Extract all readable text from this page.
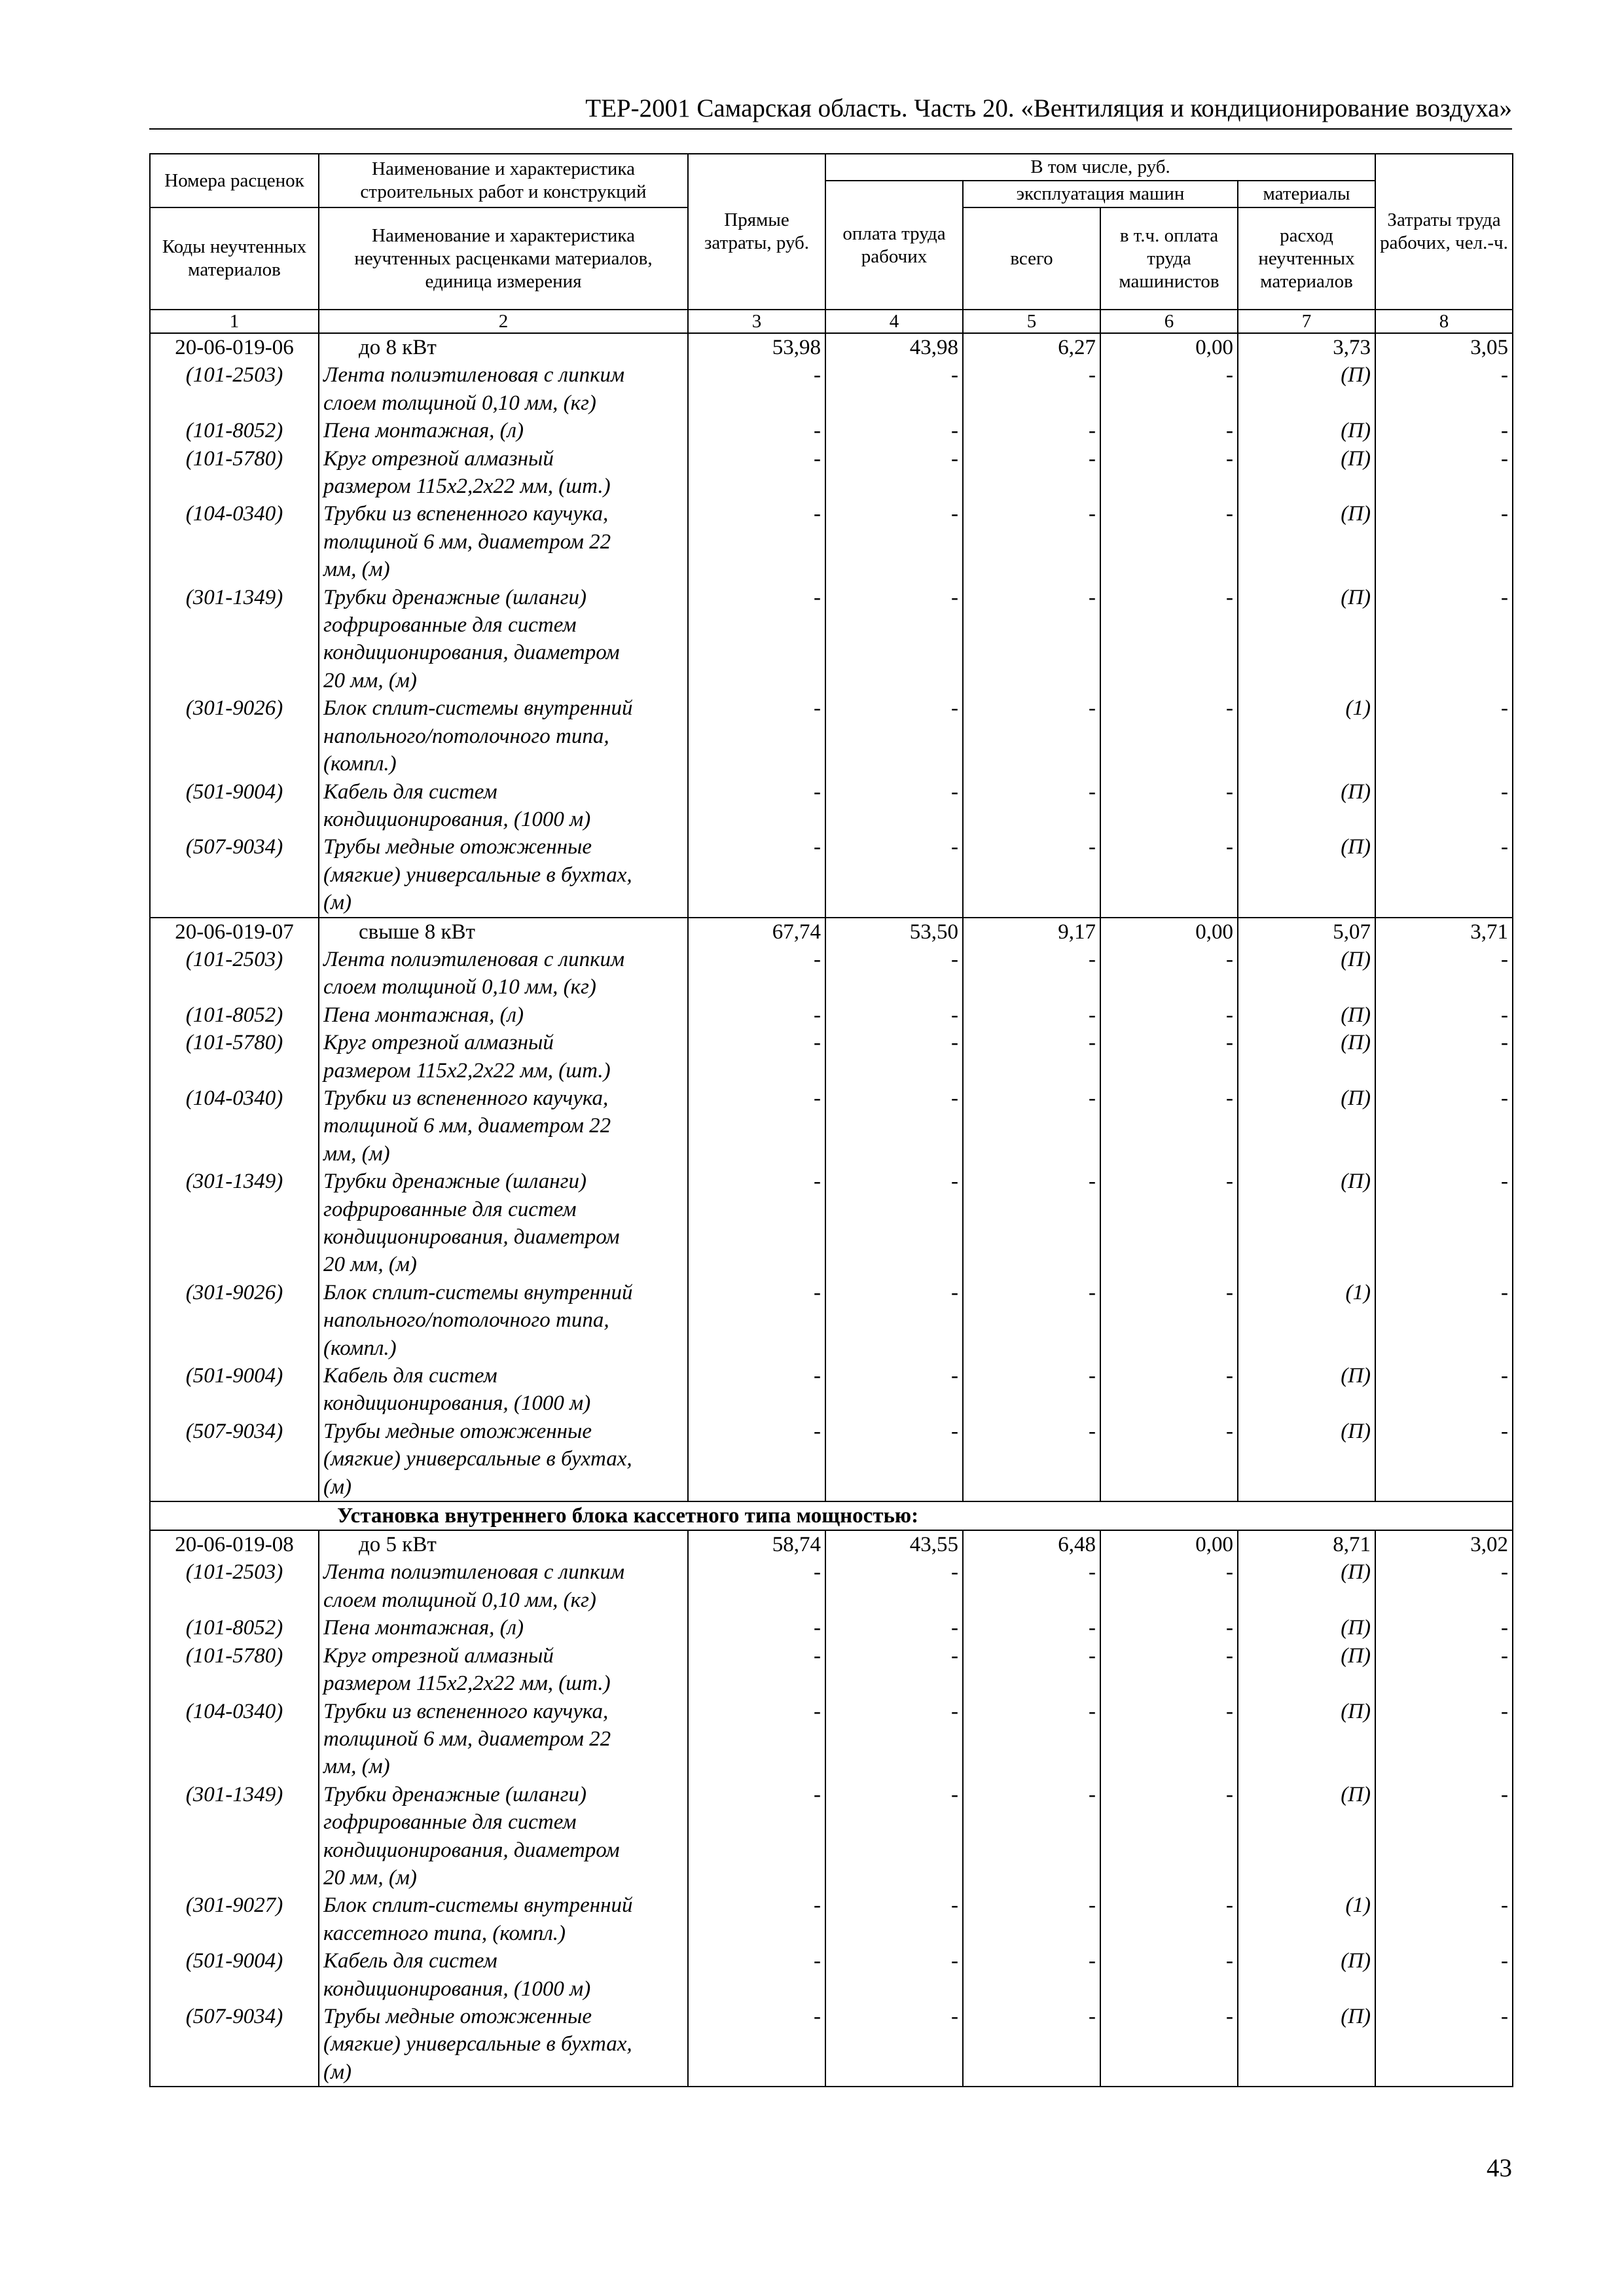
ТЕР-2001 Самарская область. Часть 20. «Вентиляция и кондиционирование воздуха»
Номера расценок	Наименование и характеристика строительных работ и конструкций	Прямые затраты, руб.	В том числе, руб.				Затраты труда рабочих, чел.-ч.
			оплата труда рабочих	эксплуатация машин		материалы	
Коды неучтенных материалов	Наименование и характеристика неучтенных расценками материалов, единица измерения			всего	в т.ч. оплата труда машинистов	расход неучтенных материалов	

1	2	3	4	5	6	7	8
20-06-019-06	до 8 кВт	53,98	43,98	6,27	0,00	3,73	3,05
(101-2503)	Лента полиэтиленовая с липким	-	-	-	-	(П)	-
	слоем толщиной 0,10 мм, (кг)						
(101-8052)	Пена монтажная, (л)	-	-	-	-	(П)	-
(101-5780)	Круг отрезной алмазный	-	-	-	-	(П)	-
	размером 115х2,2х22 мм, (шт.)						
(104-0340)	Трубки из вспененного каучука,	-	-	-	-	(П)	-
	толщиной 6 мм, диаметром 22						
	мм, (м)						
(301-1349)	Трубки дренажные (шланги)	-	-	-	-	(П)	-
	гофрированные для систем						
	кондиционирования, диаметром						
	20 мм, (м)						
(301-9026)	Блок сплит-системы внутренний	-	-	-	-	(1)	-
	напольного/потолочного типа,						
	(компл.)						
(501-9004)	Кабель для систем	-	-	-	-	(П)	-
	кондиционирования, (1000 м)						
(507-9034)	Трубы медные отожженные	-	-	-	-	(П)	-
	(мягкие) универсальные в бухтах,						
	(м)						
20-06-019-07	свыше 8 кВт	67,74	53,50	9,17	0,00	5,07	3,71
(101-2503)	Лента полиэтиленовая с липким	-	-	-	-	(П)	-
	слоем толщиной 0,10 мм, (кг)						
(101-8052)	Пена монтажная, (л)	-	-	-	-	(П)	-
(101-5780)	Круг отрезной алмазный	-	-	-	-	(П)	-
	размером 115х2,2х22 мм, (шт.)						
(104-0340)	Трубки из вспененного каучука,	-	-	-	-	(П)	-
	толщиной 6 мм, диаметром 22						
	мм, (м)						
(301-1349)	Трубки дренажные (шланги)	-	-	-	-	(П)	-
	гофрированные для систем						
	кондиционирования, диаметром						
	20 мм, (м)						
(301-9026)	Блок сплит-системы внутренний	-	-	-	-	(1)	-
	напольного/потолочного типа,						
	(компл.)						
(501-9004)	Кабель для систем	-	-	-	-	(П)	-
	кондиционирования, (1000 м)						
(507-9034)	Трубы медные отожженные	-	-	-	-	(П)	-
	(мягкие) универсальные в бухтах,						
	(м)						
Установка внутреннего блока кассетного типа мощностью:							
20-06-019-08	до 5 кВт	58,74	43,55	6,48	0,00	8,71	3,02
(101-2503)	Лента полиэтиленовая с липким	-	-	-	-	(П)	-
	слоем толщиной 0,10 мм, (кг)						
(101-8052)	Пена монтажная, (л)	-	-	-	-	(П)	-
(101-5780)	Круг отрезной алмазный	-	-	-	-	(П)	-
	размером 115х2,2х22 мм, (шт.)						
(104-0340)	Трубки из вспененного каучука,	-	-	-	-	(П)	-
	толщиной 6 мм, диаметром 22						
	мм, (м)						
(301-1349)	Трубки дренажные (шланги)	-	-	-	-	(П)	-
	гофрированные для систем						
	кондиционирования, диаметром						
	20 мм, (м)						
(301-9027)	Блок сплит-системы внутренний	-	-	-	-	(1)	-
	кассетного типа, (компл.)						
(501-9004)	Кабель для систем	-	-	-	-	(П)	-
	кондиционирования, (1000 м)						
(507-9034)	Трубы медные отожженные	-	-	-	-	(П)	-
	(мягкие) универсальные в бухтах,						
	(м)						
43
